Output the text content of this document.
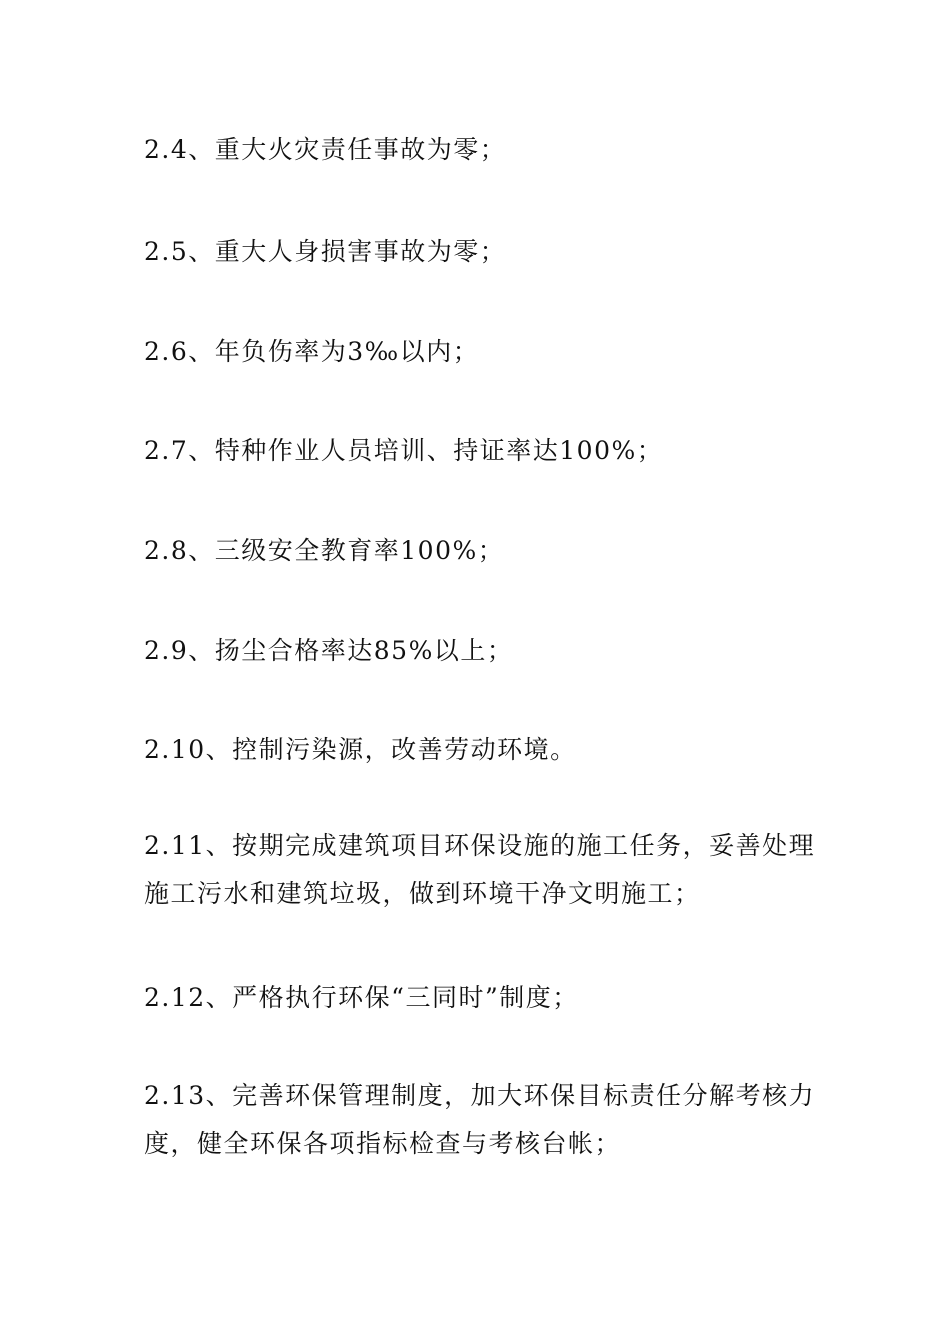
2.4、重大火灾责任事故为零；

2.5、重大人身损害事故为零；

2.6、年负伤率为3‰以内；

2.7、特种作业人员培训、持证率达100%；

2.8、三级安全教育率100%；

2.9、扬尘合格率达85%以上；

2.10、控制污染源，改善劳动环境。

2.11、按期完成建筑项目环保设施的施工任务，妥善处理施工污水和建筑垃圾，做到环境干净文明施工；

2.12、严格执行环保“三同时”制度；

2.13、完善环保管理制度，加大环保目标责任分解考核力度，健全环保各项指标检查与考核台帐；
